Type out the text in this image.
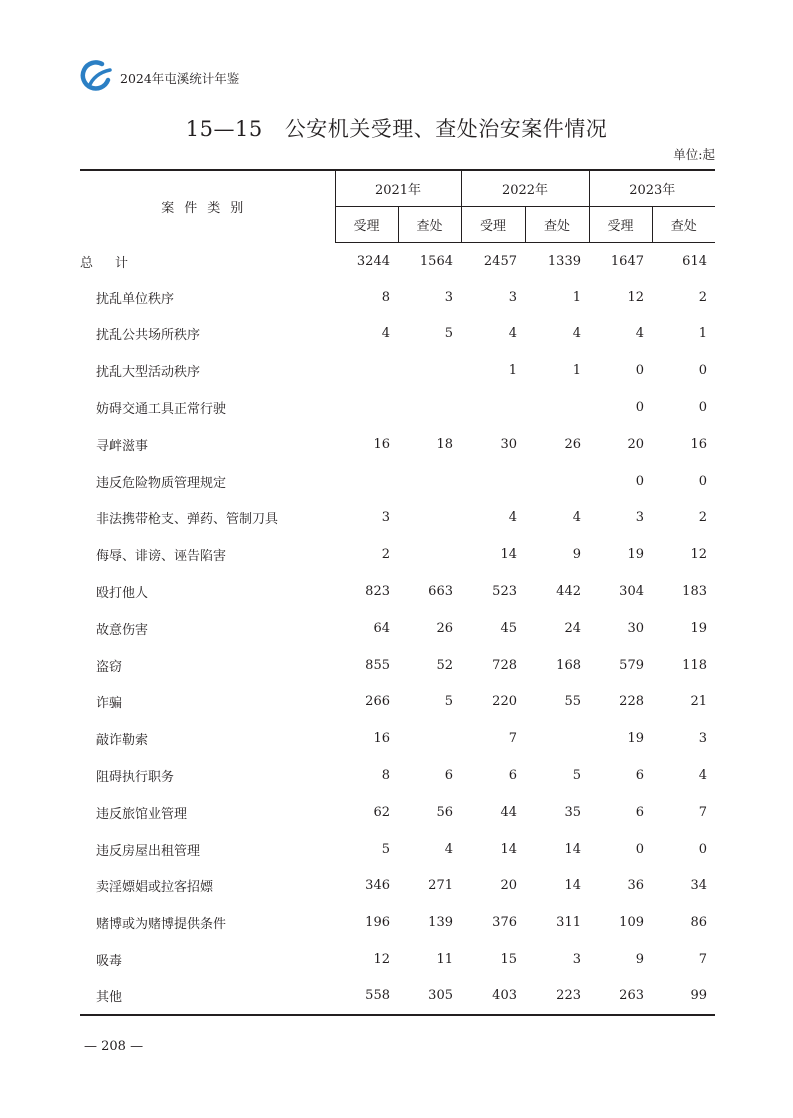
2024年屯溪统计年鉴
15—15 公安机关受理、查处治安案件情况
单位:起
案件类别	2021年		2022年		2023年	
	受理	查处	受理	查处	受理	查处
总计	3244	1564	2457	1339	1647	614
扰乱单位秩序	8	3	3	1	12	2
扰乱公共场所秩序	4	5	4	4	4	1
扰乱大型活动秩序			1	1	0	0
妨碍交通工具正常行驶					0	0
寻衅滋事	16	18	30	26	20	16
违反危险物质管理规定					0	0
非法携带枪支、弹药、管制刀具	3		4	4	3	2
侮辱、诽谤、诬告陷害	2		14	9	19	12
殴打他人	823	663	523	442	304	183
故意伤害	64	26	45	24	30	19
盗窃	855	52	728	168	579	118
诈骗	266	5	220	55	228	21
敲诈勒索	16		7		19	3
阻碍执行职务	8	6	6	5	6	4
违反旅馆业管理	62	56	44	35	6	7
违反房屋出租管理	5	4	14	14	0	0
卖淫嫖娼或拉客招嫖	346	271	20	14	36	34
赌博或为赌博提供条件	196	139	376	311	109	86
吸毒	12	11	15	3	9	7
其他	558	305	403	223	263	99
— 208 —
